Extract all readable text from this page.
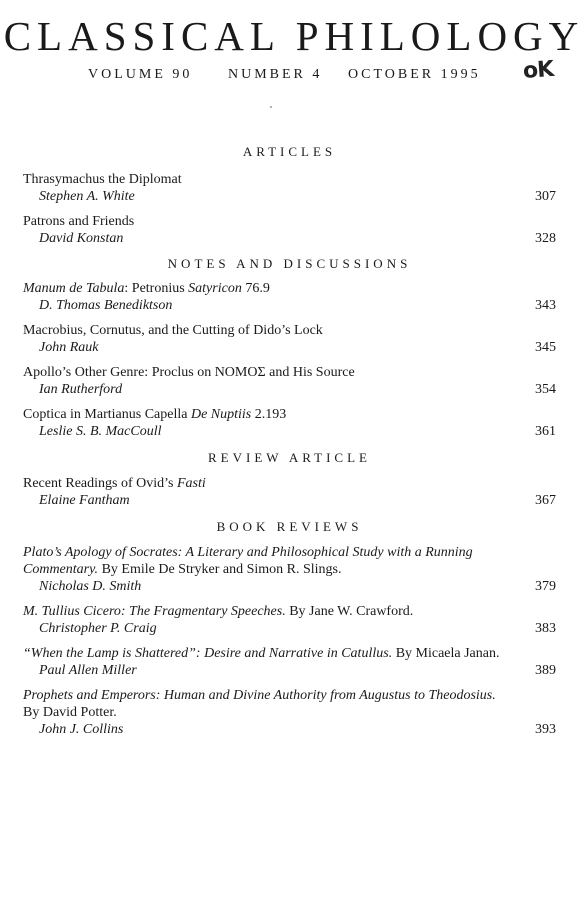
CLASSICAL PHILOLOGY
VOLUME 90	NUMBER 4	OCTOBER 1995 oK
ARTICLES
Thrasymachus the Diplomat
Stephen A. White	307
Patrons and Friends
David Konstan	328
NOTES AND DISCUSSIONS
Manum de Tabula: Petronius Satyricon 76.9
D. Thomas Benediktson	343
Macrobius, Cornutus, and the Cutting of Dido’s Lock
John Rauk	345
Apollo’s Other Genre: Proclus on ΝΟΜΟΣ and His Source
Ian Rutherford	354
Coptica in Martianus Capella De Nuptiis 2.193
Leslie S. B. MacCoull	361
REVIEW ARTICLE
Recent Readings of Ovid’s Fasti
Elaine Fantham	367
BOOK REVIEWS
Plato’s Apology of Socrates: A Literary and Philosophical Study with a Running
Commentary. By Emile De Stryker and Simon R. Slings.
Nicholas D. Smith	379
M. Tullius Cicero: The Fragmentary Speeches. By Jane W. Crawford.
Christopher P. Craig	383
“When the Lamp is Shattered”: Desire and Narrative in Catullus. By Micaela Janan.
Paul Allen Miller	389
Prophets and Emperors: Human and Divine Authority from Augustus to Theodosius.
By David Potter.
John J. Collins	393
